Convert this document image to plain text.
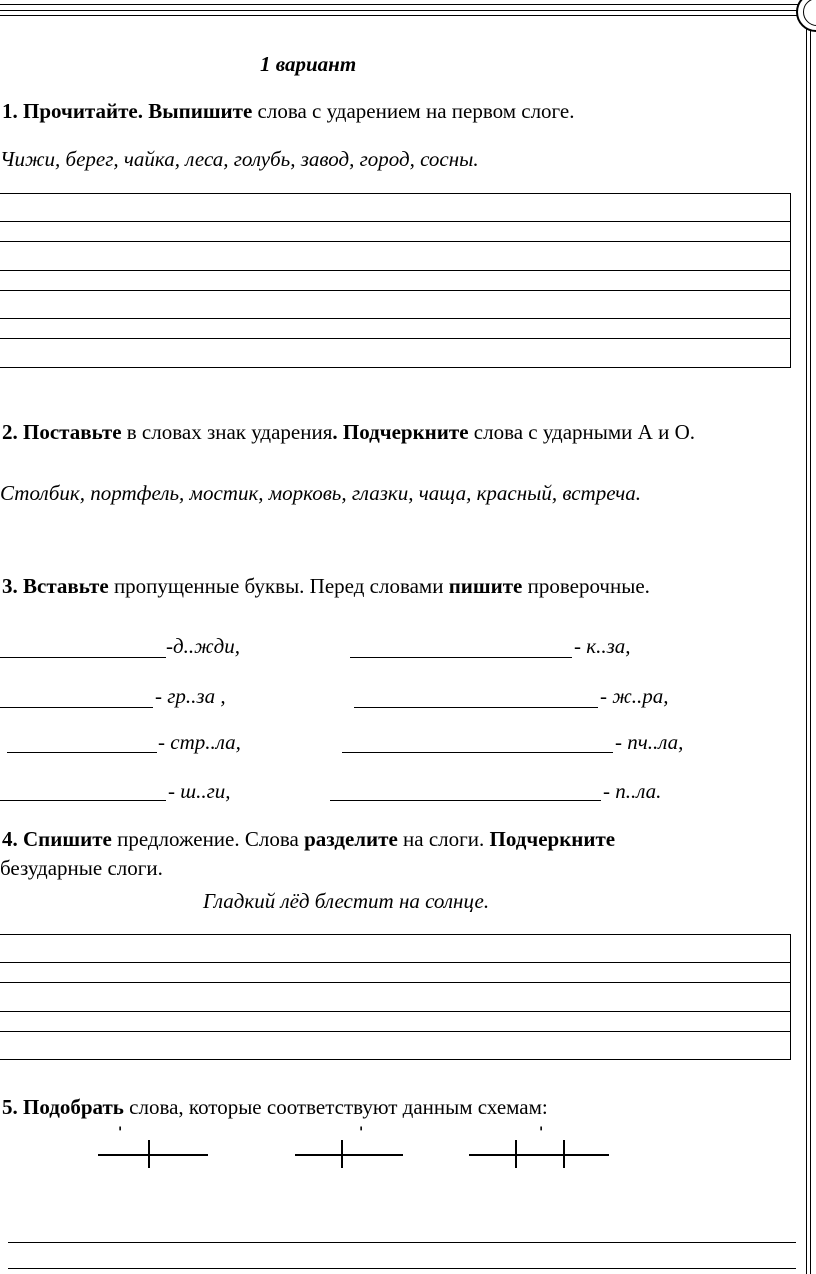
1 вариант
1. Прочитайте. Выпишите слова с ударением на первом слоге.
Чижи, берег, чайка, леса, голубь, завод, город, сосны.
2. Поставьте в словах знак ударения. Подчеркните слова с ударными А и О.
Столбик, портфель, мостик, морковь, глазки, чаща, красный, встреча.
3. Вставьте пропущенные буквы. Перед словами пишите проверочные.
-д..жди,	- к..за,
- гр..за ,	- ж..ра,
- стр..ла,	- пч..ла,
- ш..ги,	- п..ла.
4. Спишите предложение. Слова разделите на слоги. Подчеркните
безударные слоги.
Гладкий лёд блестит на солнце.
5. Подобрать слова, которые соответствуют данным схемам:
'	'	'
